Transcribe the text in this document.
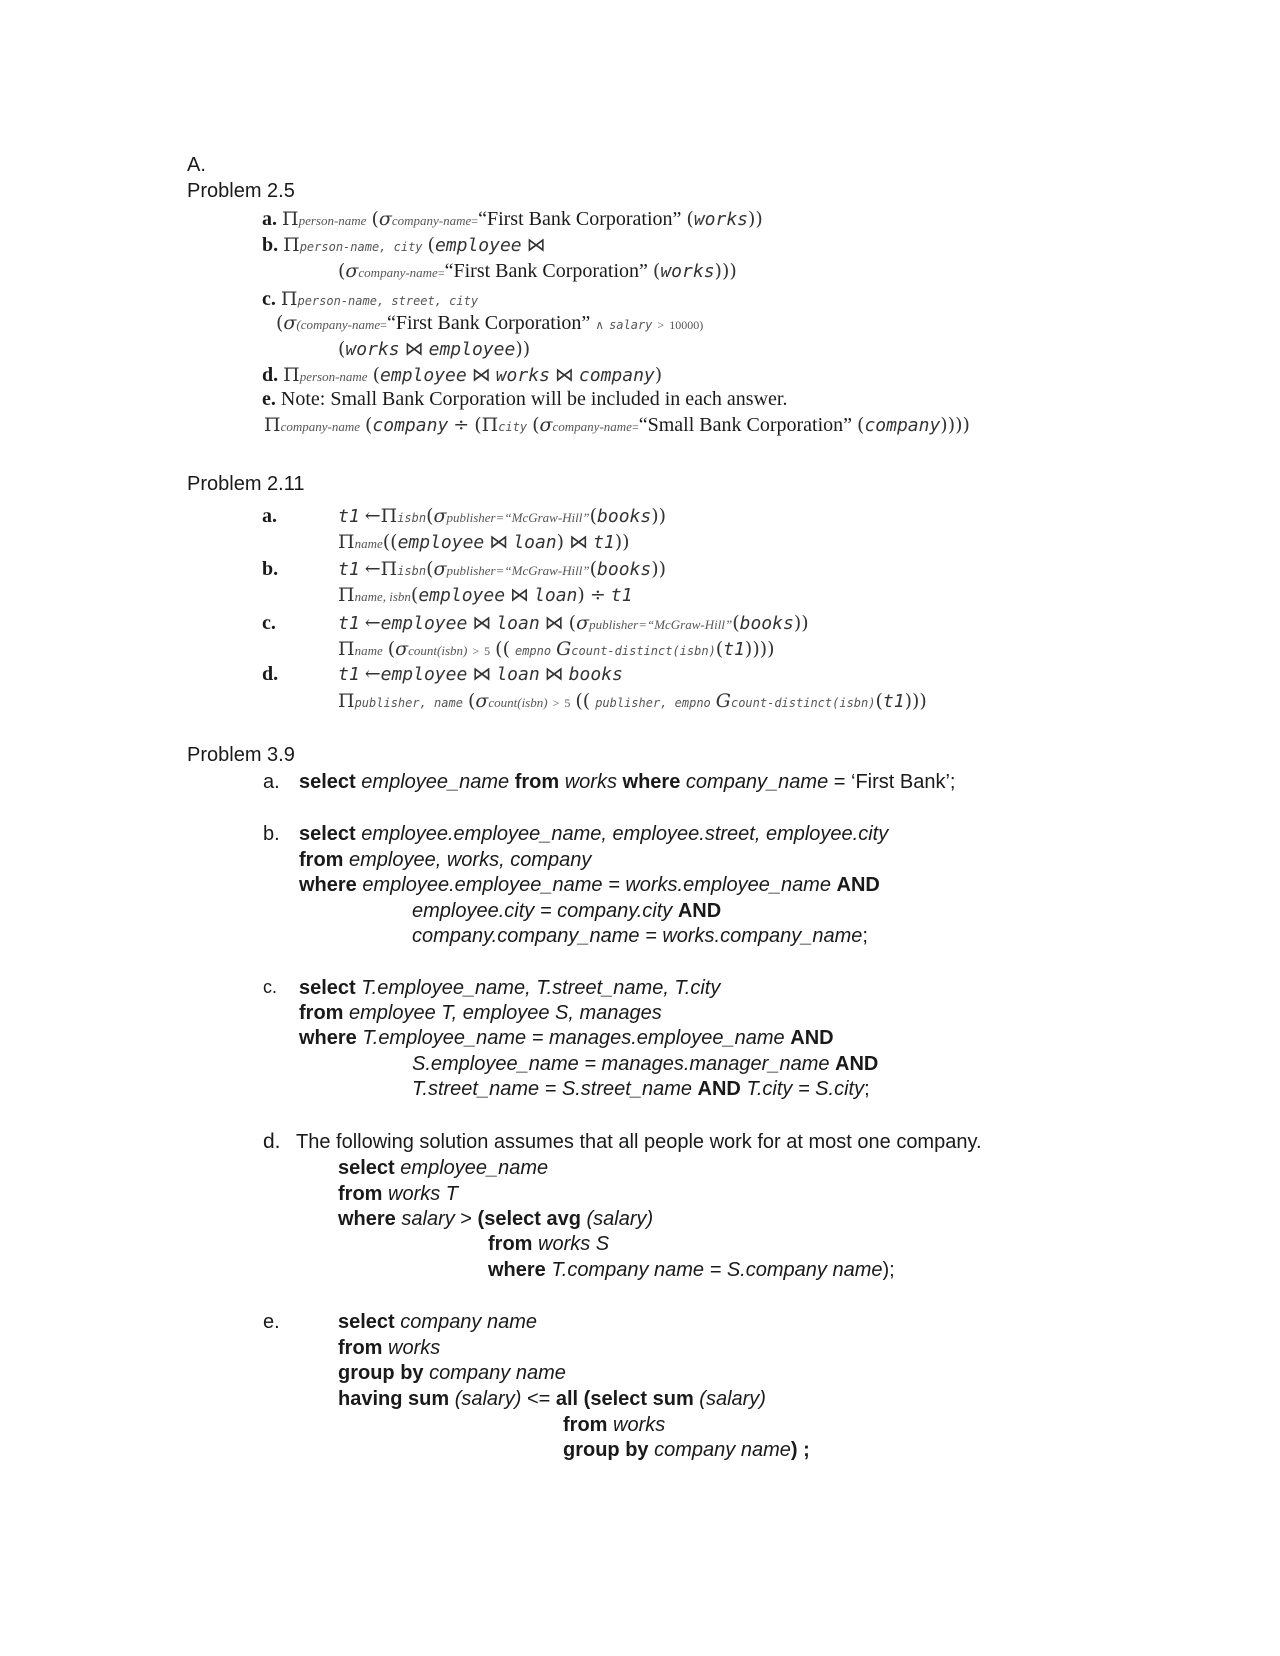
A.
Problem 2.5
a. Πperson-name (σcompany-name=“First Bank Corporation” (works))
b. Πperson-name, city (employee ⋈
(σcompany-name=“First Bank Corporation” (works)))
c. Πperson-name, street, city
(σ(company-name=“First Bank Corporation” ∧ salary > 10000)
(works ⋈ employee))
d. Πperson-name (employee ⋈ works ⋈ company)
e. Note: Small Bank Corporation will be included in each answer.
Πcompany-name (company ÷ (Πcity (σcompany-name=“Small Bank Corporation” (company))))
Problem 2.11
a.	t1 ←Πisbn(σpublisher=“McGraw-Hill”(books))
Πname((employee ⋈ loan) ⋈ t1))
b.	t1 ←Πisbn(σpublisher=“McGraw-Hill”(books))
Πname, isbn(employee ⋈ loan) ÷ t1
c.	t1 ←employee ⋈ loan ⋈ (σpublisher=“McGraw-Hill”(books))
Πname (σcount(isbn) > 5 (( empno Gcount-distinct(isbn)(t1))))
d.	t1 ←employee ⋈ loan ⋈ books
Πpublisher, name (σcount(isbn) > 5 (( publisher, empno Gcount-distinct(isbn)(t1)))
Problem 3.9
a. select employee_name from works where company_name = ‘First Bank’;
b. select employee.employee_name, employee.street, employee.city
from employee, works, company
where employee.employee_name = works.employee_name AND
employee.city = company.city AND
company.company_name = works.company_name;
c. select T.employee_name, T.street_name, T.city
from employee T, employee S, manages
where T.employee_name = manages.employee_name AND
S.employee_name = manages.manager_name AND
T.street_name = S.street_name AND T.city = S.city;
d. The following solution assumes that all people work for at most one company.
select employee_name
from works T
where salary > (select avg (salary)
from works S
where T.company name = S.company name);
e.	select company name
from works
group by company name
having sum (salary) <= all (select sum (salary)
from works
group by company name) ;
